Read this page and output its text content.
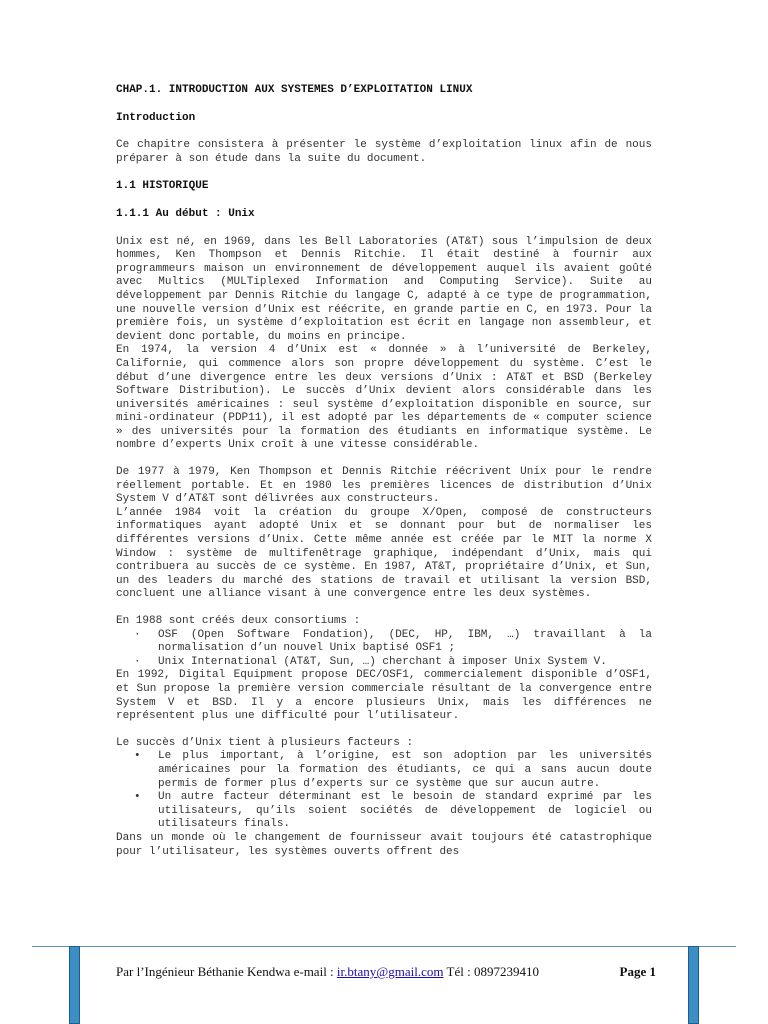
CHAP.1. INTRODUCTION AUX SYSTEMES D’EXPLOITATION LINUX

Introduction

Ce chapitre consistera à présenter le système d’exploitation linux afin de nous préparer à son étude dans la suite du document.

1.1 HISTORIQUE

1.1.1 Au début : Unix

Unix est né, en 1969, dans les Bell Laboratories (AT&T) sous l’impulsion de deux hommes, Ken Thompson et Dennis Ritchie. Il était destiné à fournir aux programmeurs maison un environnement de développement auquel ils avaient goûté avec Multics (MULTiplexed Information and Computing Service). Suite au développement par Dennis Ritchie du langage C, adapté à ce type de programmation, une nouvelle version d’Unix est réécrite, en grande partie en C, en 1973. Pour la première fois, un système d’exploitation est écrit en langage non assembleur, et devient donc portable, du moins en principe.

En 1974, la version 4 d’Unix est « donnée » à l’université de Berkeley, Californie, qui commence alors son propre développement du système. C’est le début d’une divergence entre les deux versions d’Unix : AT&T et BSD (Berkeley Software Distribution). Le succès d’Unix devient alors considérable dans les universités américaines : seul système d’exploitation disponible en source, sur mini-ordinateur (PDP11), il est adopté par les départements de « computer science » des universités pour la formation des étudiants en informatique système. Le nombre d’experts Unix croît à une vitesse considérable.

De 1977 à 1979, Ken Thompson et Dennis Ritchie réécrivent Unix pour le rendre réellement portable. Et en 1980 les premières licences de distribution d’Unix System V d’AT&T sont délivrées aux constructeurs.

L’année 1984 voit la création du groupe X/Open, composé de constructeurs informatiques ayant adopté Unix et se donnant pour but de normaliser les différentes versions d’Unix. Cette même année est créée par le MIT la norme X Window : système de multifenêtrage graphique, indépendant d’Unix, mais qui contribuera au succès de ce système. En 1987, AT&T, propriétaire d’Unix, et Sun, un des leaders du marché des stations de travail et utilisant la version BSD, concluent une alliance visant à une convergence entre les deux systèmes.

En 1988 sont créés deux consortiums :

· OSF (Open Software Fondation), (DEC, HP, IBM, …) travaillant à la normalisation d’un nouvel Unix baptisé OSF1 ;
· Unix International (AT&T, Sun, …) cherchant à imposer Unix System V.

En 1992, Digital Equipment propose DEC/OSF1, commercialement disponible d’OSF1, et Sun propose la première version commerciale résultant de la convergence entre System V et BSD. Il y a encore plusieurs Unix, mais les différences ne représentent plus une difficulté pour l’utilisateur.

Le succès d’Unix tient à plusieurs facteurs :

• Le plus important, à l’origine, est son adoption par les universités américaines pour la formation des étudiants, ce qui a sans aucun doute permis de former plus d’experts sur ce système que sur aucun autre.
• Un autre facteur déterminant est le besoin de standard exprimé par les utilisateurs, qu’ils soient sociétés de développement de logiciel ou utilisateurs finals.

Dans un monde où le changement de fournisseur avait toujours été catastrophique pour l’utilisateur, les systèmes ouverts offrent des

Par l’Ingénieur Béthanie Kendwa e-mail : ir.btany@gmail.com Tél : 0897239410	Page 1
